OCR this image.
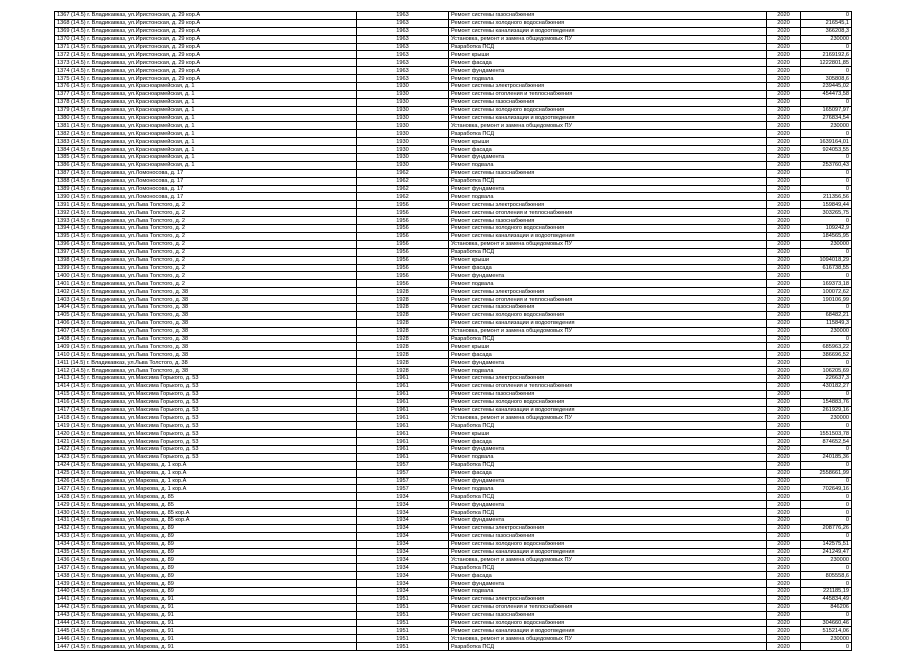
1367 (14.5) г. Владикавказ, ул.Иристонская, д. 29 кор.А	1963	Ремонт системы газоснабжения	2020	0
1368 (14.5) г. Владикавказ, ул.Иристонская, д. 29 кор.А	1963	Ремонт системы холодного водоснабжения	2020	216545,1
1369 (14.5) г. Владикавказ, ул.Иристонская, д. 29 кор.А	1963	Ремонт системы канализации и водоотведения	2020	366208,3
1370 (14.5) г. Владикавказ, ул.Иристонская, д. 29 кор.А	1963	Установка, ремонт и замена общедомовых ПУ	2020	230000
1371 (14.5) г. Владикавказ, ул.Иристонская, д. 29 кор.А	1963	Разработка ПСД	2020	0
1372 (14.5) г. Владикавказ, ул.Иристонская, д. 29 кор.А	1963	Ремонт крыши	2020	2169192,6
1373 (14.5) г. Владикавказ, ул.Иристонская, д. 29 кор.А	1963	Ремонт фасада	2020	1222801,85
1374 (14.5) г. Владикавказ, ул.Иристонская, д. 29 кор.А	1963	Ремонт фундамента	2020	0
1375 (14.5) г. Владикавказ, ул.Иристонская, д. 29 кор.А	1963	Ремонт подвала	2020	305808,6
1376 (14.5) г. Владикавказ, ул.Красноармейская, д. 1	1930	Ремонт системы электроснабжения	2020	239445,02
1377 (14.5) г. Владикавказ, ул.Красноармейская, д. 1	1930	Ремонт системы отопления и теплоснабжения	2020	454473,58
1378 (14.5) г. Владикавказ, ул.Красноармейская, д. 1	1930	Ремонт системы газоснабжения	2020	0
1379 (14.5) г. Владикавказ, ул.Красноармейская, д. 1	1930	Ремонт системы холодного водоснабжения	2020	165097,97
1380 (14.5) г. Владикавказ, ул.Красноармейская, д. 1	1930	Ремонт системы канализации и водоотведения	2020	276834,54
1381 (14.5) г. Владикавказ, ул.Красноармейская, д. 1	1930	Установка, ремонт и замена общедомовых ПУ	2020	230000
1382 (14.5) г. Владикавказ, ул.Красноармейская, д. 1	1930	Разработка ПСД	2020	0
1383 (14.5) г. Владикавказ, ул.Красноармейская, д. 1	1930	Ремонт крыши	2020	1639164,01
1384 (14.5) г. Владикавказ, ул.Красноармейская, д. 1	1930	Ремонт фасада	2020	924053,55
1385 (14.5) г. Владикавказ, ул.Красноармейская, д. 1	1930	Ремонт фундамента	2020	0
1386 (14.5) г. Владикавказ, ул.Красноармейская, д. 1	1930	Ремонт подвала	2020	253760,43
1387 (14.5) г. Владикавказ, ул.Ломоносова, д. 17	1962	Ремонт системы газоснабжения	2020	0
1388 (14.5) г. Владикавказ, ул.Ломоносова, д. 17	1962	Разработка ПСД	2020	0
1389 (14.5) г. Владикавказ, ул.Ломоносова, д. 17	1962	Ремонт фундамента	2020	0
1390 (14.5) г. Владикавказ, ул.Ломоносова, д. 17	1962	Ремонт подвала	2020	211356,56
1391 (14.5) г. Владикавказ, ул.Льва Толстого, д. 2	1956	Ремонт системы электроснабжения	2020	159849,44
1392 (14.5) г. Владикавказ, ул.Льва Толстого, д. 2	1956	Ремонт системы отопления и теплоснабжения	2020	303265,75
1393 (14.5) г. Владикавказ, ул.Льва Толстого, д. 2	1956	Ремонт системы газоснабжения	2020	0
1394 (14.5) г. Владикавказ, ул.Льва Толстого, д. 2	1956	Ремонт системы холодного водоснабжения	2020	109242,9
1395 (14.5) г. Владикавказ, ул.Льва Толстого, д. 2	1956	Ремонт системы канализации и водоотведения	2020	184565,95
1396 (14.5) г. Владикавказ, ул.Льва Толстого, д. 2	1956	Установка, ремонт и замена общедомовых ПУ	2020	230000
1397 (14.5) г. Владикавказ, ул.Льва Толстого, д. 2	1956	Разработка ПСД	2020	0
1398 (14.5) г. Владикавказ, ул.Льва Толстого, д. 2	1956	Ремонт крыши	2020	1094018,29
1399 (14.5) г. Владикавказ, ул.Льва Толстого, д. 2	1956	Ремонт фасада	2020	616738,55
1400 (14.5) г. Владикавказ, ул.Льва Толстого, д. 2	1956	Ремонт фундамента	2020	0
1401 (14.5) г. Владикавказ, ул.Льва Толстого, д. 2	1956	Ремонт подвала	2020	169373,18
1402 (14.5) г. Владикавказ, ул.Льва Толстого, д. 38	1928	Ремонт системы электроснабжения	2020	100072,62
1403 (14.5) г. Владикавказ, ул.Льва Толстого, д. 38	1928	Ремонт системы отопления и теплоснабжения	2020	190106,99
1404 (14.5) г. Владикавказ, ул.Льва Толстого, д. 38	1928	Ремонт системы газоснабжения	2020	0
1405 (14.5) г. Владикавказ, ул.Льва Толстого, д. 38	1928	Ремонт системы холодного водоснабжения	2020	68482,21
1406 (14.5) г. Владикавказ, ул.Льва Толстого, д. 38	1928	Ремонт системы канализации и водоотведения	2020	115849,3
1407 (14.5) г. Владикавказ, ул.Льва Толстого, д. 38	1928	Установка, ремонт и замена общедомовых ПУ	2020	230000
1408 (14.5) г. Владикавказ, ул.Льва Толстого, д. 38	1928	Разработка ПСД	2020	0
1409 (14.5) г. Владикавказ, ул.Льва Толстого, д. 38	1928	Ремонт крыши	2020	685963,22
1410 (14.5) г. Владикавказ, ул.Льва Толстого, д. 38	1928	Ремонт фасада	2020	386696,52
1411 (14.5) г. Владикавказ, ул.Льва Толстого, д. 38	1928	Ремонт фундамента	2020	0
1412 (14.5) г. Владикавказ, ул.Льва Толстого, д. 38	1928	Ремонт подвала	2020	106205,69
1413 (14.5) г. Владикавказ, ул.Максима Горького, д. 53	1961	Ремонт системы электроснабжения	2020	226637,3
1414 (14.5) г. Владикавказ, ул.Максима Горького, д. 53	1961	Ремонт системы отопления и теплоснабжения	2020	430182,27
1415 (14.5) г. Владикавказ, ул.Максима Горького, д. 53	1961	Ремонт системы газоснабжения	2020	0
1416 (14.5) г. Владикавказ, ул.Максима Горького, д. 53	1961	Ремонт системы холодного водоснабжения	2020	154883,76
1417 (14.5) г. Владикавказ, ул.Максима Горького, д. 53	1961	Ремонт системы канализации и водоотведения	2020	261929,16
1418 (14.5) г. Владикавказ, ул.Максима Горького, д. 53	1961	Установка, ремонт и замена общедомовых ПУ	2020	230000
1419 (14.5) г. Владикавказ, ул.Максима Горького, д. 53	1961	Разработка ПСД	2020	0
1420 (14.5) г. Владикавказ, ул.Максима Горького, д. 53	1961	Ремонт крыши	2020	1551503,78
1421 (14.5) г. Владикавказ, ул.Максима Горького, д. 53	1961	Ремонт фасада	2020	874652,54
1422 (14.5) г. Владикавказ, ул.Максима Горького, д. 53	1961	Ремонт фундамента	2020	0
1423 (14.5) г. Владикавказ, ул.Максима Горького, д. 53	1961	Ремонт подвала	2020	240185,36
1424 (14.5) г. Владикавказ, ул.Маркова, д. 1 кор.А	1957	Разработка ПСД	2020	0
1425 (14.5) г. Владикавказ, ул.Маркова, д. 1 кор.А	1957	Ремонт фасада	2020	2558661,99
1426 (14.5) г. Владикавказ, ул.Маркова, д. 1 кор.А	1957	Ремонт фундамента	2020	0
1427 (14.5) г. Владикавказ, ул.Маркова, д. 1 кор.А	1957	Ремонт подвала	2020	702649,16
1428 (14.5) г. Владикавказ, ул.Маркова, д. 85	1934	Разработка ПСД	2020	0
1429 (14.5) г. Владикавказ, ул.Маркова, д. 85	1934	Ремонт фундамента	2020	0
1430 (14.5) г. Владикавказ, ул.Маркова, д. 85 кор.А	1934	Разработка ПСД	2020	0
1431 (14.5) г. Владикавказ, ул.Маркова, д. 85 кор.А	1934	Ремонт фундамента	2020	0
1432 (14.5) г. Владикавказ, ул.Маркова, д. 89	1934	Ремонт системы электроснабжения	2020	208776,26
1433 (14.5) г. Владикавказ, ул.Маркова, д. 89	1934	Ремонт системы газоснабжения	2020	0
1434 (14.5) г. Владикавказ, ул.Маркова, д. 89	1934	Ремонт системы холодного водоснабжения	2020	142575,51
1435 (14.5) г. Владикавказ, ул.Маркова, д. 89	1934	Ремонт системы канализации и водоотведения	2020	241249,47
1436 (14.5) г. Владикавказ, ул.Маркова, д. 89	1934	Установка, ремонт и замена общедомовых ПУ	2020	230000
1437 (14.5) г. Владикавказ, ул.Маркова, д. 89	1934	Разработка ПСД	2020	0
1438 (14.5) г. Владикавказ, ул.Маркова, д. 89	1934	Ремонт фасада	2020	805558,6
1439 (14.5) г. Владикавказ, ул.Маркова, д. 89	1934	Ремонт фундамента	2020	0
1440 (14.5) г. Владикавказ, ул.Маркова, д. 89	1934	Ремонт подвала	2020	221185,19
1441 (14.5) г. Владикавказ, ул.Маркова, д. 91	1951	Ремонт системы электроснабжения	2020	445834,49
1442 (14.5) г. Владикавказ, ул.Маркова, д. 91	1951	Ремонт системы отопления и теплоснабжения	2020	846206
1443 (14.5) г. Владикавказ, ул.Маркова, д. 91	1951	Ремонт системы газоснабжения	2020	0
1444 (14.5) г. Владикавказ, ул.Маркова, д. 91	1951	Ремонт системы холодного водоснабжения	2020	304660,46
1445 (14.5) г. Владикавказ, ул.Маркова, д. 91	1951	Ремонт системы канализации и водоотведения	2020	515214,06
1446 (14.5) г. Владикавказ, ул.Маркова, д. 91	1951	Установка, ремонт и замена общедомовых ПУ	2020	230000
1447 (14.5) г. Владикавказ, ул.Маркова, д. 91	1951	Разработка ПСД	2020	0
